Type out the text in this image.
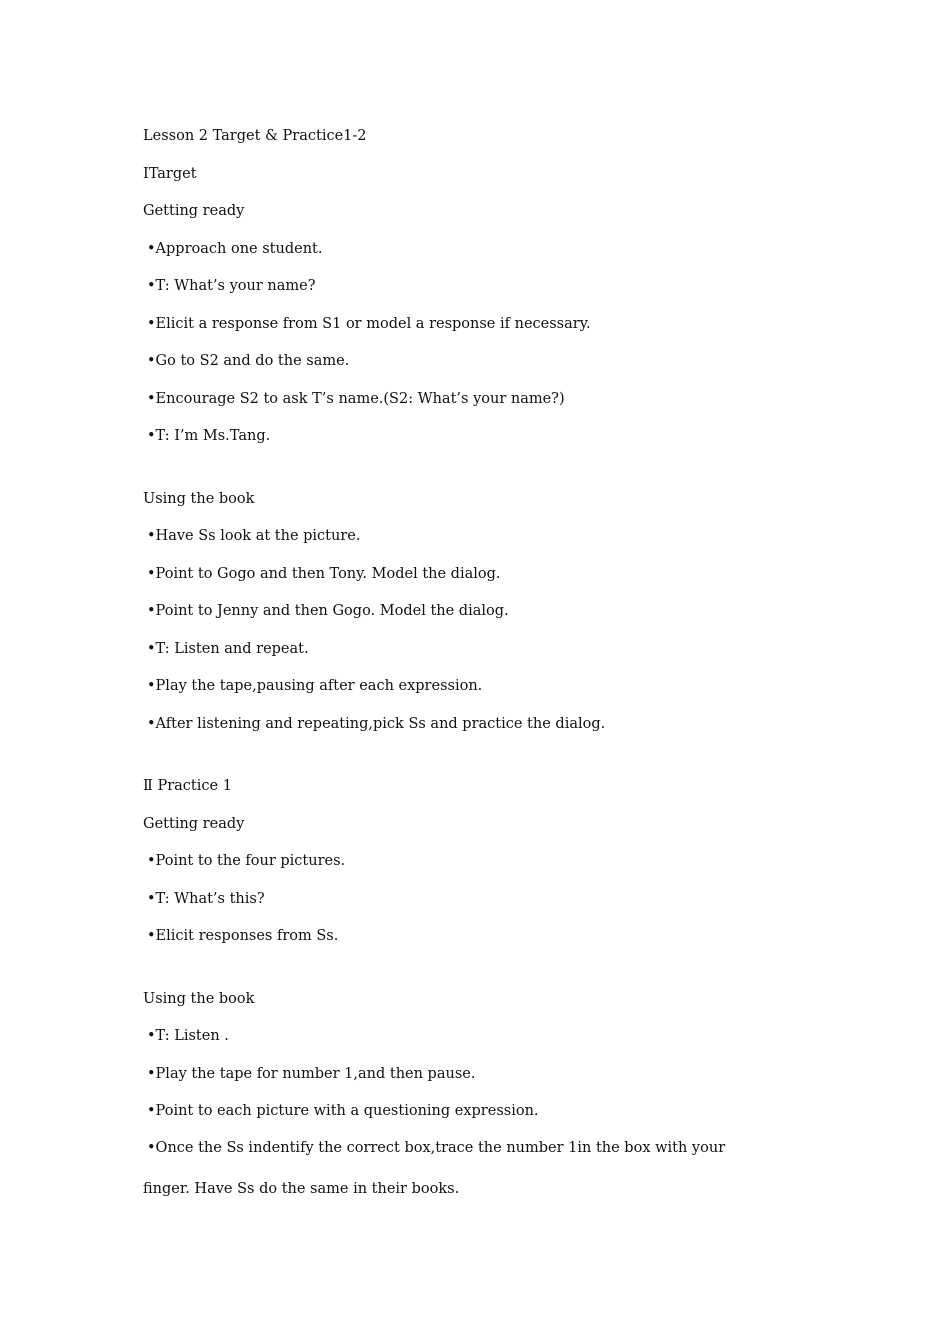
Lesson 2 Target & Practice1-2
ⅠTarget
Getting ready
•Approach one student.
•T: What’s your name?
•Elicit a response from S1 or model a response if necessary.
•Go to S2 and do the same.
•Encourage S2 to ask T’s name.(S2: What’s your name?)
•T: I’m Ms.Tang.
Using the book
•Have Ss look at the picture.
•Point to Gogo and then Tony. Model the dialog.
•Point to Jenny and then Gogo. Model the dialog.
•T: Listen and repeat.
•Play the tape,pausing after each expression.
•After listening and repeating,pick Ss and practice the dialog.
Ⅱ Practice 1
Getting ready
•Point to the four pictures.
•T: What’s this?
•Elicit responses from Ss.
Using the book
•T: Listen .
•Play the tape for number 1,and then pause.
•Point to each picture with a questioning expression.
•Once the Ss indentify the correct box,trace the number 1in the box with your
finger. Have Ss do the same in their books.
